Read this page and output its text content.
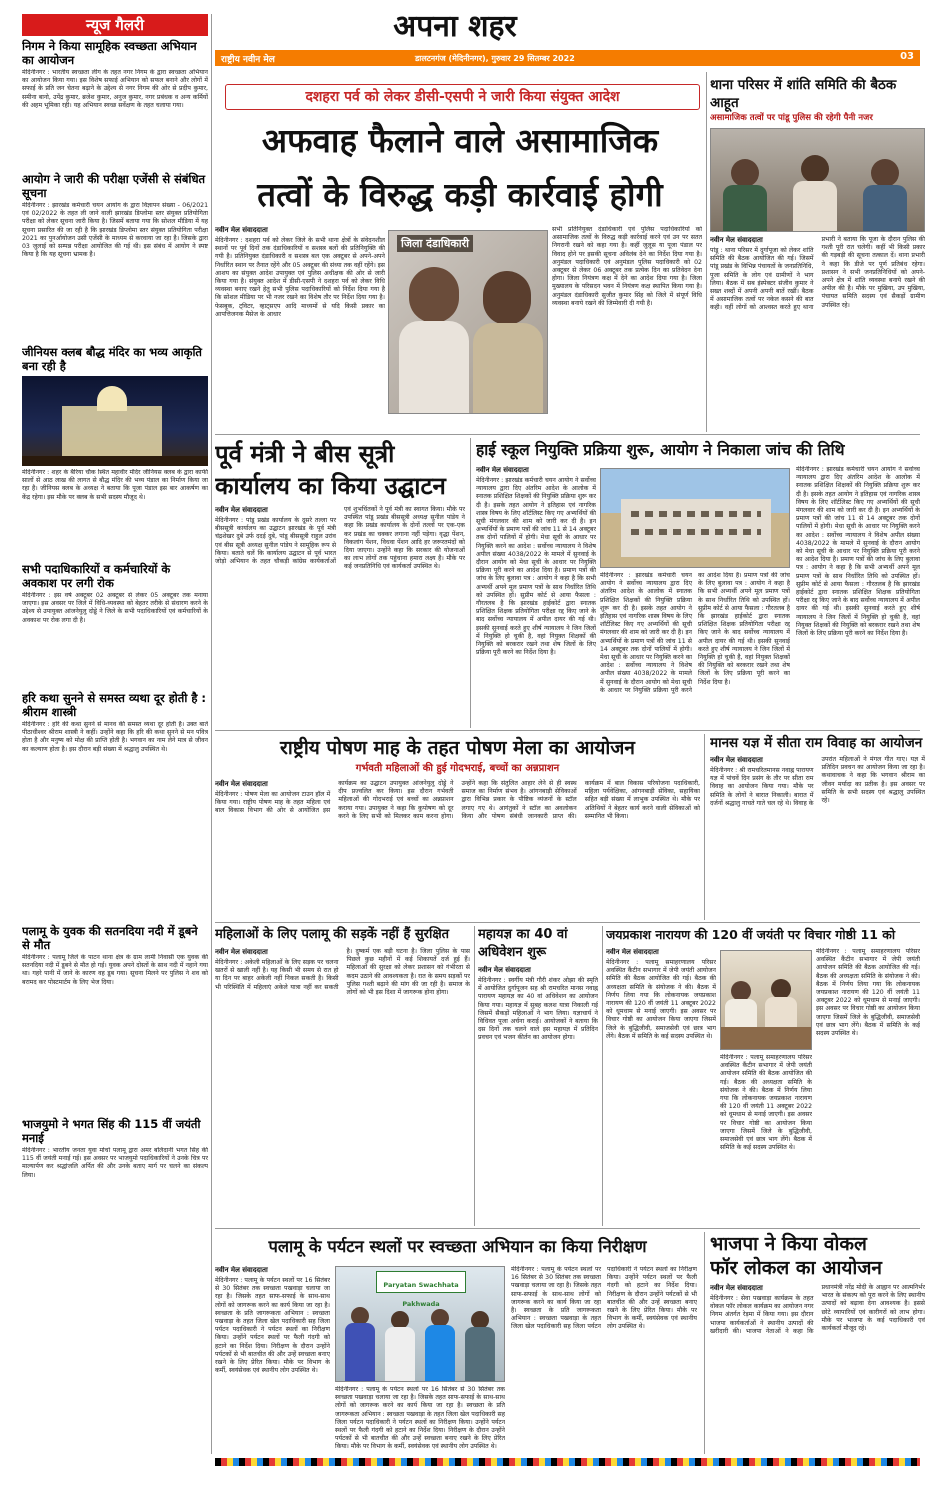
अपना शहर
राष्ट्रीय नवीन मेल	डालटनगंज (मेदिनीनगर), गुरुवार 29 सितम्बर 2022	03
न्यूज गैलरी
निगम ने किया सामूहिक स्वच्छता अभियान का आयोजन
मेदिनीनगर : भारतीय स्वच्छता लीग के तहत नगर निगम के द्वारा स्वच्छता अभियान का आयोजन किया गया। इस विशेष सफाई अभियान को सफल बनाने और लोगों में सफाई के प्रति जन चेतना बढ़ाने के उद्देश्य से नगर निगम की ओर से प्रदीप कुमार, समीना बानो, उपेंद्र कुमार, ब्रजेश कुमार, अनुज कुमार, नगर प्रबंधक व अन्य कर्मियों की अहम भूमिका रही। यह अभियान स्वच्छ सर्वेक्षण के तहत चलाया गया।
आयोग ने जारी की परीक्षा एजेंसी से संबंधित सूचना
मेदिनीनगर : झारखंड कर्मचारी चयन आयोग के द्वारा विज्ञापन संख्या - 06/2021 एवं 02/2022 के तहत ली जाने वाली झारखंड डिप्लोमा स्तर संयुक्त प्रतियोगिता परीक्षा को लेकर सूचना जारी किया है। जिसमें बताया गया कि सोशल मीडिया में यह सूचना प्रसारित की जा रही है कि झारखंड डिप्लोमा स्तर संयुक्त प्रतियोगिता परीक्षा 2021 का पुनर्आयोजन उसी एजेंसी के माध्यम से करवाया जा रहा है। जिसके द्वारा 03 जुलाई को सम्पन्न परीक्षा आयोजित की गई थी। इस संबंध में आयोग ने स्पष्ट किया है कि यह सूचना भ्रामक है।
जीनियस क्लब बौद्ध मंदिर का भव्य आकृति बना रही है
मेदिनीनगर : शहर के बैरिया चौक स्थित महावीर मंदिर जीनियस क्लब के द्वारा काफी सालों से आठ लाख की लागत से बौद्ध मंदिर की भव्य पंडाल का निर्माण किया जा रहा है। जीनियस क्लब के अध्यक्ष ने बताया कि पूजा पंडाल इस बार आकर्षण का केंद्र रहेगा। इस मौके पर क्लब के सभी सदस्य मौजूद थे।
सभी पदाधिकारियों व कर्मचारियों के अवकाश पर लगी रोक
मेदिनीनगर : इस वर्ष अक्टूबर 02 अक्टूबर से लेकर 05 अक्टूबर तक मनाया जाएगा। इस अवसर पर जिले में विधि-व्यवस्था को बेहतर तरीके से संधारण करने के उद्देश्य से उपायुक्त आंजनेयुलु दोड्डे ने जिले के सभी पदाधिकारियों एवं कर्मचारियों के अवकाश पर रोक लगा दी है।
हरि कथा सुनने से समस्त व्यथा दूर होती है : श्रीराम शास्त्री
मेदिनीनगर : हरि की कथा सुनने से मानव की समस्त व्यथा दूर होती है। उक्त बातें पीठाधीश्वर श्रीराम शास्त्री ने कहीं। उन्होंने कहा कि हरि की कथा सुनने से मन पवित्र होता है और मनुष्य को मोक्ष की प्राप्ति होती है। भगवान का नाम लेने मात्र से जीवन का कल्याण होता है। इस दौरान बड़ी संख्या में श्रद्धालु उपस्थित थे।
पलामू के युवक की सतनदिया नदी में डूबने से मौत
मेदिनीनगर : पलामू जिले के पाटन थाना क्षेत्र के ग्राम लामी निवासी एक युवक की सतनदिया नदी में डूबने से मौत हो गई। युवक अपने दोस्तों के साथ नदी में नहाने गया था। गहरे पानी में जाने के कारण वह डूब गया। सूचना मिलने पर पुलिस ने शव को बरामद कर पोस्टमार्टम के लिए भेज दिया।
भाजयुमो ने भगत सिंह की 115 वीं जयंती मनाई
मेदिनीनगर : भारतीय जनता युवा मोर्चा पलामू द्वारा अमर बलिदानी भगत सिंह की 115 वीं जयंती मनाई गई। इस अवसर पर भाजयुमो पदाधिकारियों ने उनके चित्र पर माल्यार्पण कर श्रद्धांजलि अर्पित की और उनके बताए मार्ग पर चलने का संकल्प लिया।
दशहरा पर्व को लेकर डीसी-एसपी ने जारी किया संयुक्त आदेश
अफवाह फैलाने वाले असामाजिक
तत्वों के विरुद्ध कड़ी कार्रवाई होगी
नवीन मेल संवाददाता
मेदिनीनगर : दशहरा पर्व को लेकर जिले के सभी थाना क्षेत्रों के संवेदनशील स्थानों पर पूर्व दिनों तक दंडाधिकारियों व सशस्त्र बलों की प्रतिनियुक्ति की गयी है। प्रतिनियुक्त दंडाधिकारी व सशस्त्र बल एक अक्टूबर से अपने-अपने निर्धारित स्थान पर तैनात रहेंगे और 05 अक्टूबर की संध्या तक वहीं रहेंगे। इस आशय का संयुक्त आदेश उपायुक्त एवं पुलिस अधीक्षक की ओर से जारी किया गया है। संयुक्त आदेश में डीसी-एसपी ने दशहरा पर्व को लेकर विधि व्यवस्था बनाए रखने हेतु सभी पुलिस पदाधिकारियों को निर्देश दिया गया है कि सोशल मीडिया पर भी नजर रखने का विशेष तौर पर निर्देश दिया गया है। फेसबुक, ट्विटर, व्हाट्सएप आदि माध्यमों से यदि किसी प्रकार का आपत्तिजनक मैसेज के आधार
जिला दंडाधिकारी
सभी प्रतिनियुक्त दंडाधिकारी एवं पुलिस पदाधिकारियों को असामाजिक तत्वों के विरुद्ध कड़ी कार्रवाई करने एवं उन पर सतत निगरानी रखने को कहा गया है। कहीं जुलूस या पूजा पंडाल पर विवाद होने पर इसकी सूचना अविलंब देने का निर्देश दिया गया है। अनुमंडल पदाधिकारी एवं अनुमंडल पुलिस पदाधिकारी को 02 अक्टूबर से लेकर 06 अक्टूबर तक प्रत्येक दिन का प्रतिवेदन देना होगा। जिला नियंत्रण कक्ष में देने का आदेश दिया गया है। जिला मुख्यालय के परिसदन भवन में नियंत्रण कक्ष स्थापित किया गया है। अनुमंडल दंडाधिकारी सुजीत कुमार सिंह को जिले में संपूर्ण विधि व्यवस्था बनाये रखने की जिम्मेवारी दी गयी है।
थाना परिसर में शांति समिति की बैठक आहूत
असामाजिक तत्वों पर पांडू पुलिस की रहेगी पैनी नजर
नवीन मेल संवाददाता
पांडू : थाना परिसर में दुर्गापूजा को लेकर शांति समिति की बैठक आयोजित की गई। जिसमें पांडू प्रखंड के विभिन्न पंचायतों के जनप्रतिनिधि, पूजा समिति के लोग एवं ग्रामीणों ने भाग लिया। बैठक में सब इंस्पेक्टर संजीव कुमार ने सख्त शब्दों में अपनी अपनी बातें रखीं। बैठक में असामाजिक तत्वों पर नकेल कसने की बात कही। वहीं लोगों को आश्वस्त करते हुए थाना प्रभारी ने बताया कि पूजा के दौरान पुलिस की गश्ती पूरी रात चलेगी। कहीं भी किसी प्रकार की गड़बड़ी की सूचना तत्काल दें। थाना प्रभारी ने कहा कि डीजे पर पूर्ण प्रतिबंध रहेगा। प्रशासन ने सभी जनप्रतिनिधियों को अपने-अपने क्षेत्र में शांति व्यवस्था बनाये रखने की अपील की है। मौके पर मुखिया, उप मुखिया, पंचायत समिति सदस्य एवं सैकड़ों ग्रामीण उपस्थित रहे।
पूर्व मंत्री ने बीस सूत्री
कार्यालय का किया उद्घाटन
नवीन मेल संवाददाता
मेदिनीनगर : पांडू प्रखंड कार्यालय के दूसरे तल्ला पर बीससूत्री कार्यालय का उद्घाटन झारखंड के पूर्व मंत्री चंद्रशेखर दुबे उर्फ ददई दुबे, पांडू बीससूत्री राहुल उरांव एवं बीस सूत्री अध्यक्ष सुनील पांडेय ने सामूहिक रूप से किया। बताते चलें कि कार्यालय उद्घाटन से पूर्व भारत जोड़ो अभियान के तहत चौकड़ी कांग्रेस कार्यकर्ताओं एवं शुभचिंतकों ने पूर्व मंत्री का स्वागत किया। मौके पर उपस्थित पांडू प्रखंड बीससूत्री अध्यक्ष सुनील पांडेय ने कहा कि प्रखंड कार्यालय के दोनों तल्लों पर एक-एक कर प्रखंड का चक्कर लगाना नहीं पड़ेगा। वृद्धा पेंशन, विकलांग पेंशन, विधवा पेंशन आदि हर जरूरतमंदों को दिया जाएगा। उन्होंने कहा कि सरकार की योजनाओं का लाभ लोगों तक पहुंचाना हमारा लक्ष्य है। मौके पर कई जनप्रतिनिधि एवं कार्यकर्ता उपस्थित थे।
हाई स्कूल नियुक्ति प्रक्रिया शुरू, आयोग ने निकाला जांच की तिथि
नवीन मेल संवाददाता
मेदिनीनगर : झारखंड कर्मचारी चयन आयोग ने सर्वोच्च न्यायालय द्वारा दिए अंतरिम आदेश के आलोक में स्नातक प्रशिक्षित शिक्षकों की नियुक्ति प्रक्रिया शुरू कर दी है। इसके तहत आयोग ने इतिहास एवं नागरिक शास्त्र विषय के लिए शॉर्टलिस्ट किए गए अभ्यर्थियों की सूची मंगलवार की शाम को जारी कर दी है। इन अभ्यर्थियों के प्रमाण पत्रों की जांच 11 से 14 अक्टूबर तक दोनों पालियों में होगी। मेधा सूची के आधार पर नियुक्ति करने का आदेश : सर्वोच्च न्यायालय ने विशेष अपील संख्या 4038/2022 के मामले में सुनवाई के दौरान आयोग को मेधा सूची के आधार पर नियुक्ति प्रक्रिया पूरी करने का आदेश दिया है। प्रमाण पत्रों की जांच के लिए बुलावा पत्र : आयोग ने कहा है कि सभी अभ्यर्थी अपने मूल प्रमाण पत्रों के साथ निर्धारित तिथि को उपस्थित हों। सुप्रीम कोर्ट से आया फैसला : गौरतलब है कि झारखंड हाईकोर्ट द्वारा स्नातक प्रशिक्षित शिक्षक प्रतियोगिता परीक्षा रद्द किए जाने के बाद सर्वोच्च न्यायालय में अपील दायर की गई थी। इसकी सुनवाई करते हुए शीर्ष न्यायालय ने जिन जिलों में नियुक्ति हो चुकी है, वहां नियुक्त शिक्षकों की नियुक्ति को बरकरार रखने तथा शेष जिलों के लिए प्रक्रिया पूरी करने का निर्देश दिया है।
मेदिनीनगर : झारखंड कर्मचारी चयन आयोग ने सर्वोच्च न्यायालय द्वारा दिए अंतरिम आदेश के आलोक में स्नातक प्रशिक्षित शिक्षकों की नियुक्ति प्रक्रिया शुरू कर दी है। इसके तहत आयोग ने इतिहास एवं नागरिक शास्त्र विषय के लिए शॉर्टलिस्ट किए गए अभ्यर्थियों की सूची मंगलवार की शाम को जारी कर दी है। इन अभ्यर्थियों के प्रमाण पत्रों की जांच 11 से 14 अक्टूबर तक दोनों पालियों में होगी। मेधा सूची के आधार पर नियुक्ति करने का आदेश : सर्वोच्च न्यायालय ने विशेष अपील संख्या 4038/2022 के मामले में सुनवाई के दौरान आयोग को मेधा सूची के आधार पर नियुक्ति प्रक्रिया पूरी करने का आदेश दिया है। प्रमाण पत्रों की जांच के लिए बुलावा पत्र : आयोग ने कहा है कि सभी अभ्यर्थी अपने मूल प्रमाण पत्रों के साथ निर्धारित तिथि को उपस्थित हों। सुप्रीम कोर्ट से आया फैसला : गौरतलब है कि झारखंड हाईकोर्ट द्वारा स्नातक प्रशिक्षित शिक्षक प्रतियोगिता परीक्षा रद्द किए जाने के बाद सर्वोच्च न्यायालय में अपील दायर की गई थी। इसकी सुनवाई करते हुए शीर्ष न्यायालय ने जिन जिलों में नियुक्ति हो चुकी है, वहां नियुक्त शिक्षकों की नियुक्ति को बरकरार रखने तथा शेष जिलों के लिए प्रक्रिया पूरी करने का निर्देश दिया है।
मेदिनीनगर : झारखंड कर्मचारी चयन आयोग ने सर्वोच्च न्यायालय द्वारा दिए अंतरिम आदेश के आलोक में स्नातक प्रशिक्षित शिक्षकों की नियुक्ति प्रक्रिया शुरू कर दी है। इसके तहत आयोग ने इतिहास एवं नागरिक शास्त्र विषय के लिए शॉर्टलिस्ट किए गए अभ्यर्थियों की सूची मंगलवार की शाम को जारी कर दी है। इन अभ्यर्थियों के प्रमाण पत्रों की जांच 11 से 14 अक्टूबर तक दोनों पालियों में होगी। मेधा सूची के आधार पर नियुक्ति करने का आदेश : सर्वोच्च न्यायालय ने विशेष अपील संख्या 4038/2022 के मामले में सुनवाई के दौरान आयोग को मेधा सूची के आधार पर नियुक्ति प्रक्रिया पूरी करने का आदेश दिया है। प्रमाण पत्रों की जांच के लिए बुलावा पत्र : आयोग ने कहा है कि सभी अभ्यर्थी अपने मूल प्रमाण पत्रों के साथ निर्धारित तिथि को उपस्थित हों। सुप्रीम कोर्ट से आया फैसला : गौरतलब है कि झारखंड हाईकोर्ट द्वारा स्नातक प्रशिक्षित शिक्षक प्रतियोगिता परीक्षा रद्द किए जाने के बाद सर्वोच्च न्यायालय में अपील दायर की गई थी। इसकी सुनवाई करते हुए शीर्ष न्यायालय ने जिन जिलों में नियुक्ति हो चुकी है, वहां नियुक्त शिक्षकों की नियुक्ति को बरकरार रखने तथा शेष जिलों के लिए प्रक्रिया पूरी करने का निर्देश दिया है।
राष्ट्रीय पोषण माह के तहत पोषण मेला का आयोजन
गर्भवती महिलाओं की हुई गोदभराई, बच्चों का अन्नप्राशन
नवीन मेल संवाददाता
मेदिनीनगर : पोषण मेला का आयोजन टाउन हॉल में किया गया। राष्ट्रीय पोषण माह के तहत महिला एवं बाल विकास विभाग की ओर से आयोजित इस कार्यक्रम का उद्घाटन उपायुक्त आंजनेयुलु दोड्डे ने दीप प्रज्वलित कर किया। इस दौरान गर्भवती महिलाओं की गोदभराई एवं बच्चों का अन्नप्राशन कराया गया। उपायुक्त ने कहा कि कुपोषण को दूर करने के लिए सभी को मिलकर काम करना होगा। उन्होंने कहा कि संतुलित आहार लेने से ही स्वस्थ समाज का निर्माण संभव है। आंगनबाड़ी सेविकाओं द्वारा विभिन्न प्रकार के पौष्टिक व्यंजनों के स्टॉल लगाए गए थे। आगंतुकों ने स्टॉल का अवलोकन किया और पोषण संबंधी जानकारी प्राप्त की। कार्यक्रम में बाल विकास परियोजना पदाधिकारी, महिला पर्यवेक्षिका, आंगनबाड़ी सेविका, सहायिका सहित बड़ी संख्या में लाभुक उपस्थित थे। मौके पर अतिथियों ने बेहतर कार्य करने वाली सेविकाओं को सम्मानित भी किया।
मानस यज्ञ में सीता राम विवाह का आयोजन
नवीन मेल संवाददाता
मेदिनीनगर : श्री रामचरितमानस नवाह्न पारायण यज्ञ में पांचवें दिन प्रसंग के तौर पर सीता राम विवाह का आयोजन किया गया। मौके पर समिति के लोगों ने बारात निकाली। बारात में दर्जनों श्रद्धालु नाचते गाते चल रहे थे। विवाह के उपरांत महिलाओं ने मंगल गीत गाए। यज्ञ में प्रतिदिन प्रवचन का आयोजन किया जा रहा है। कथावाचक ने कहा कि भगवान श्रीराम का जीवन मर्यादा का प्रतीक है। इस अवसर पर समिति के सभी सदस्य एवं श्रद्धालु उपस्थित रहे।
महिलाओं के लिए पलामू की सड़कें नहीं हैं सुरक्षित
नवीन मेल संवाददाता
मेदिनीनगर : अकेली महिलाओं के लिए सड़क पर चलना खतरों से खाली नहीं है। यह किसी भी समय से रात हो या दिन पर बाहर अकेली नहीं निकल सकती है। किसी भी परिस्थिति में महिलाएं अकेले यात्रा नहीं कर सकती है। दुष्कर्म एक बड़ी घटना है। जिला पुलिस के पास पिछले कुछ महीनों में कई शिकायतें दर्ज हुई हैं। महिलाओं की सुरक्षा को लेकर प्रशासन को गंभीरता से कदम उठाने की आवश्यकता है। रात के समय सड़कों पर पुलिस गश्ती बढ़ाने की मांग की जा रही है। समाज के लोगों को भी इस दिशा में जागरूक होना होगा।
महायज्ञ का 40 वां अधिवेशन शुरू
नवीन मेल संवाददाता
मेदिनीनगर : स्वर्गीय मंत्री गौरी शंकर ओझा की स्मृति में आयोजित दुर्गापूजन सह श्री रामचरित मानस नवाह्न पारायण महायज्ञ का 40 वां अधिवेशन का आयोजन किया गया। महायज्ञ में सुबह कलश यात्रा निकाली गई जिसमें सैकड़ों महिलाओं ने भाग लिया। यज्ञाचार्य ने विधिवत पूजा अर्चना कराई। आयोजकों ने बताया कि दस दिनों तक चलने वाले इस महायज्ञ में प्रतिदिन प्रवचन एवं भजन कीर्तन का आयोजन होगा।
जयप्रकाश नारायण की 120 वीं जयंती पर विचार गोष्ठी 11 को
नवीन मेल संवाददाता
मेदिनीनगर : पलामू समाहरणालय परिसर अवस्थित कैंटीन सभागार में जेपी जयंती आयोजन समिति की बैठक आयोजित की गई। बैठक की अध्यक्षता समिति के संयोजक ने की। बैठक में निर्णय लिया गया कि लोकनायक जयप्रकाश नारायण की 120 वीं जयंती 11 अक्टूबर 2022 को धूमधाम से मनाई जाएगी। इस अवसर पर विचार गोष्ठी का आयोजन किया जाएगा जिसमें जिले के बुद्धिजीवी, समाजसेवी एवं छात्र भाग लेंगे। बैठक में समिति के कई सदस्य उपस्थित थे।
मेदिनीनगर : पलामू समाहरणालय परिसर अवस्थित कैंटीन सभागार में जेपी जयंती आयोजन समिति की बैठक आयोजित की गई। बैठक की अध्यक्षता समिति के संयोजक ने की। बैठक में निर्णय लिया गया कि लोकनायक जयप्रकाश नारायण की 120 वीं जयंती 11 अक्टूबर 2022 को धूमधाम से मनाई जाएगी। इस अवसर पर विचार गोष्ठी का आयोजन किया जाएगा जिसमें जिले के बुद्धिजीवी, समाजसेवी एवं छात्र भाग लेंगे। बैठक में समिति के कई सदस्य उपस्थित थे।
मेदिनीनगर : पलामू समाहरणालय परिसर अवस्थित कैंटीन सभागार में जेपी जयंती आयोजन समिति की बैठक आयोजित की गई। बैठक की अध्यक्षता समिति के संयोजक ने की। बैठक में निर्णय लिया गया कि लोकनायक जयप्रकाश नारायण की 120 वीं जयंती 11 अक्टूबर 2022 को धूमधाम से मनाई जाएगी। इस अवसर पर विचार गोष्ठी का आयोजन किया जाएगा जिसमें जिले के बुद्धिजीवी, समाजसेवी एवं छात्र भाग लेंगे। बैठक में समिति के कई सदस्य उपस्थित थे।
पलामू के पर्यटन स्थलों पर स्वच्छता अभियान का किया निरीक्षण
नवीन मेल संवाददाता
मेदिनीनगर : पलामू के पर्यटन स्थलों पर 16 सितंबर से 30 सितंबर तक स्वच्छता पखवाड़ा चलाया जा रहा है। जिसके तहत साफ-सफाई के साथ-साथ लोगों को जागरूक करने का कार्य किया जा रहा है। स्वच्छता के प्रति जागरूकता अभियान : स्वच्छता पखवाड़ा के तहत जिला खेल पदाधिकारी सह जिला पर्यटन पदाधिकारी ने पर्यटन स्थलों का निरीक्षण किया। उन्होंने पर्यटन स्थलों पर फैली गंदगी को हटाने का निर्देश दिया। निरीक्षण के दौरान उन्होंने पर्यटकों से भी बातचीत की और उन्हें स्वच्छता बनाए रखने के लिए प्रेरित किया। मौके पर विभाग के कर्मी, स्वयंसेवक एवं स्थानीय लोग उपस्थित थे।
Paryatan Swachhata Pakhwada
मेदिनीनगर : पलामू के पर्यटन स्थलों पर 16 सितंबर से 30 सितंबर तक स्वच्छता पखवाड़ा चलाया जा रहा है। जिसके तहत साफ-सफाई के साथ-साथ लोगों को जागरूक करने का कार्य किया जा रहा है। स्वच्छता के प्रति जागरूकता अभियान : स्वच्छता पखवाड़ा के तहत जिला खेल पदाधिकारी सह जिला पर्यटन पदाधिकारी ने पर्यटन स्थलों का निरीक्षण किया। उन्होंने पर्यटन स्थलों पर फैली गंदगी को हटाने का निर्देश दिया। निरीक्षण के दौरान उन्होंने पर्यटकों से भी बातचीत की और उन्हें स्वच्छता बनाए रखने के लिए प्रेरित किया। मौके पर विभाग के कर्मी, स्वयंसेवक एवं स्थानीय लोग उपस्थित थे।
मेदिनीनगर : पलामू के पर्यटन स्थलों पर 16 सितंबर से 30 सितंबर तक स्वच्छता पखवाड़ा चलाया जा रहा है। जिसके तहत साफ-सफाई के साथ-साथ लोगों को जागरूक करने का कार्य किया जा रहा है। स्वच्छता के प्रति जागरूकता अभियान : स्वच्छता पखवाड़ा के तहत जिला खेल पदाधिकारी सह जिला पर्यटन पदाधिकारी ने पर्यटन स्थलों का निरीक्षण किया। उन्होंने पर्यटन स्थलों पर फैली गंदगी को हटाने का निर्देश दिया। निरीक्षण के दौरान उन्होंने पर्यटकों से भी बातचीत की और उन्हें स्वच्छता बनाए रखने के लिए प्रेरित किया। मौके पर विभाग के कर्मी, स्वयंसेवक एवं स्थानीय लोग उपस्थित थे।
भाजपा ने किया वोकल
फॉर लोकल का आयोजन
नवीन मेल संवाददाता
मेदिनीनगर : सेवा पखवाड़ा कार्यक्रम के तहत वोकल फॉर लोकल कार्यक्रम का आयोजन नगर निगम अंतर्गत रेड़मा में किया गया। इस दौरान भाजपा कार्यकर्ताओं ने स्थानीय उत्पादों की खरीदारी की। भाजपा नेताओं ने कहा कि प्रधानमंत्री नरेंद्र मोदी के आह्वान पर आत्मनिर्भर भारत के संकल्प को पूरा करने के लिए स्थानीय उत्पादों को बढ़ावा देना आवश्यक है। इससे छोटे व्यापारियों एवं कारीगरों को लाभ होगा। मौके पर भाजपा के कई पदाधिकारी एवं कार्यकर्ता मौजूद रहे।
